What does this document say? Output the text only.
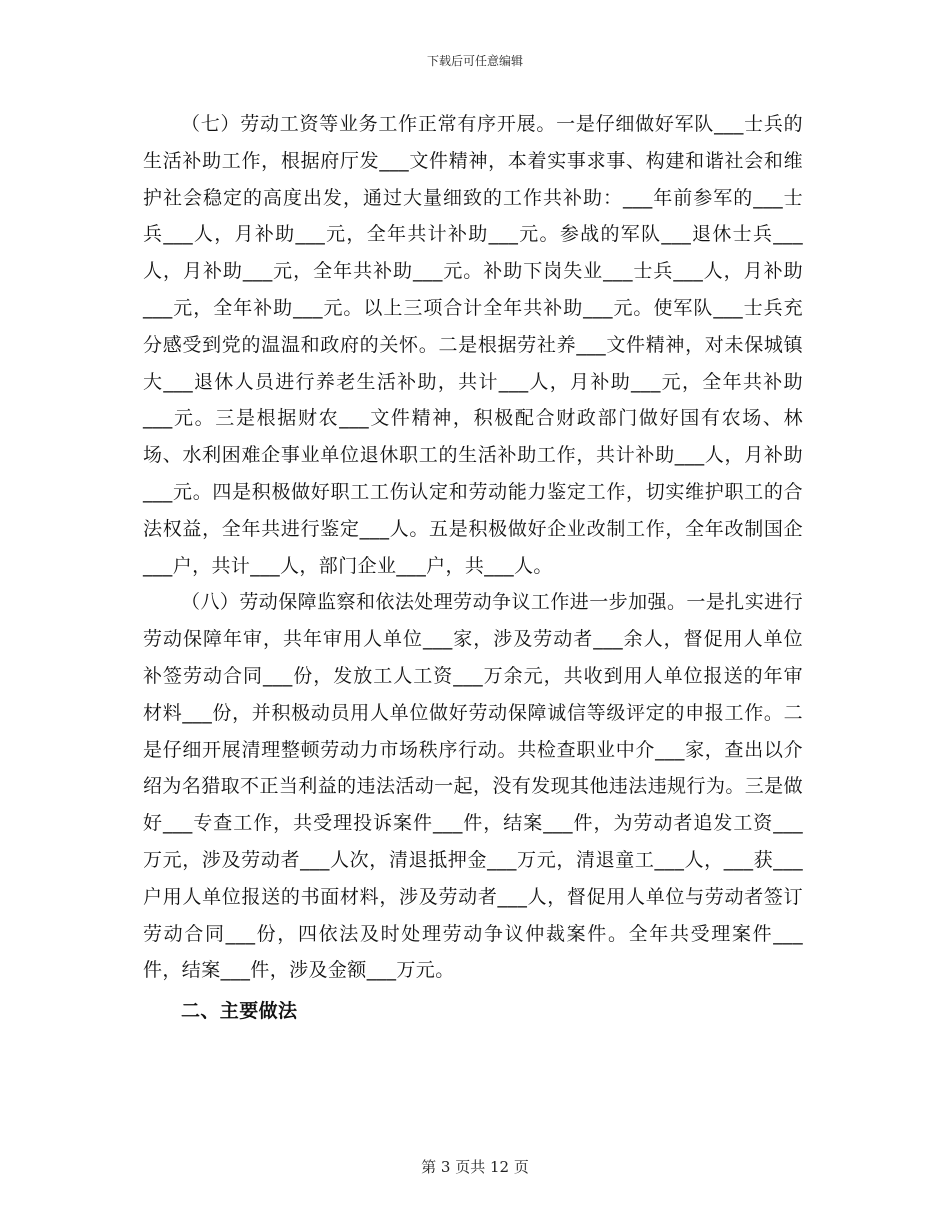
下载后可任意编辑

（七）劳动工资等业务工作正常有序开展。一是仔细做好军队___士兵的生活补助工作，根据府厅发___文件精神，本着实事求事、构建和谐社会和维护社会稳定的高度出发，通过大量细致的工作共补助：___年前参军的___士兵___人，月补助___元，全年共计补助___元。参战的军队___退休士兵___人，月补助___元，全年共补助___元。补助下岗失业___士兵___人，月补助___元，全年补助___元。以上三项合计全年共补助___元。使军队___士兵充分感受到党的温温和政府的关怀。二是根据劳社养___文件精神，对未保城镇大___退休人员进行养老生活补助，共计___人，月补助___元，全年共补助___元。三是根据财农___文件精神，积极配合财政部门做好国有农场、林场、水利困难企事业单位退休职工的生活补助工作，共计补助___人，月补助___元。四是积极做好职工工伤认定和劳动能力鉴定工作，切实维护职工的合法权益，全年共进行鉴定___人。五是积极做好企业改制工作，全年改制国企___户，共计___人，部门企业___户，共___人。

（八）劳动保障监察和依法处理劳动争议工作进一步加强。一是扎实进行劳动保障年审，共年审用人单位___家，涉及劳动者___余人，督促用人单位补签劳动合同___份，发放工人工资___万余元，共收到用人单位报送的年审材料___份，并积极动员用人单位做好劳动保障诚信等级评定的申报工作。二是仔细开展清理整顿劳动力市场秩序行动。共检查职业中介___家，查出以介绍为名猎取不正当利益的违法活动一起，没有发现其他违法违规行为。三是做好___专查工作，共受理投诉案件___件，结案___件，为劳动者追发工资___万元，涉及劳动者___人次，清退抵押金___万元，清退童工___人，___获___户用人单位报送的书面材料，涉及劳动者___人，督促用人单位与劳动者签订劳动合同___份，四依法及时处理劳动争议仲裁案件。全年共受理案件___件，结案___件，涉及金额___万元。

二、主要做法
第 3 页共 12 页
